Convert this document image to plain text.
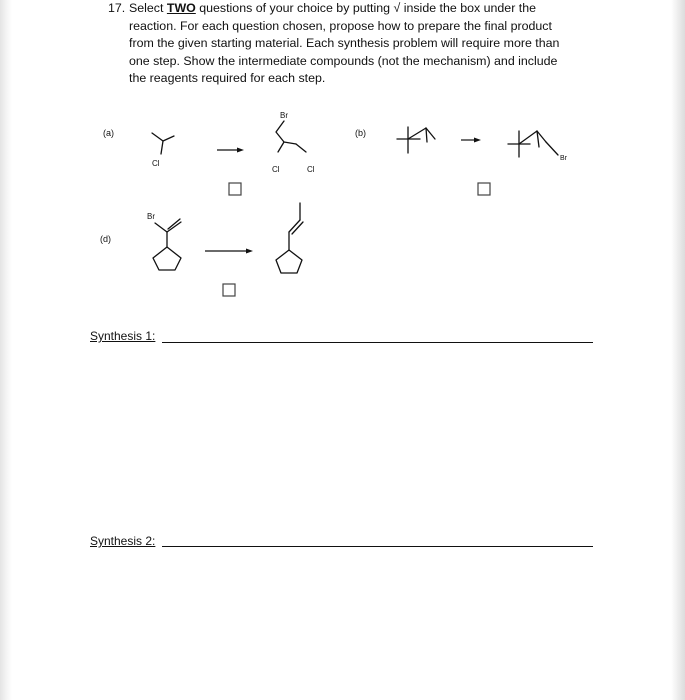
17. Select TWO questions of your choice by putting √ inside the box under the
reaction. For each question chosen, propose how to prepare the final product
from the given starting material. Each synthesis problem will require more than
one step. Show the intermediate compounds (not the mechanism) and include
the reagents required for each step.
(a)	(b)
(d)
Cl
Br
Cl	Cl
Br
Br
Synthesis 1:
Synthesis 2:
